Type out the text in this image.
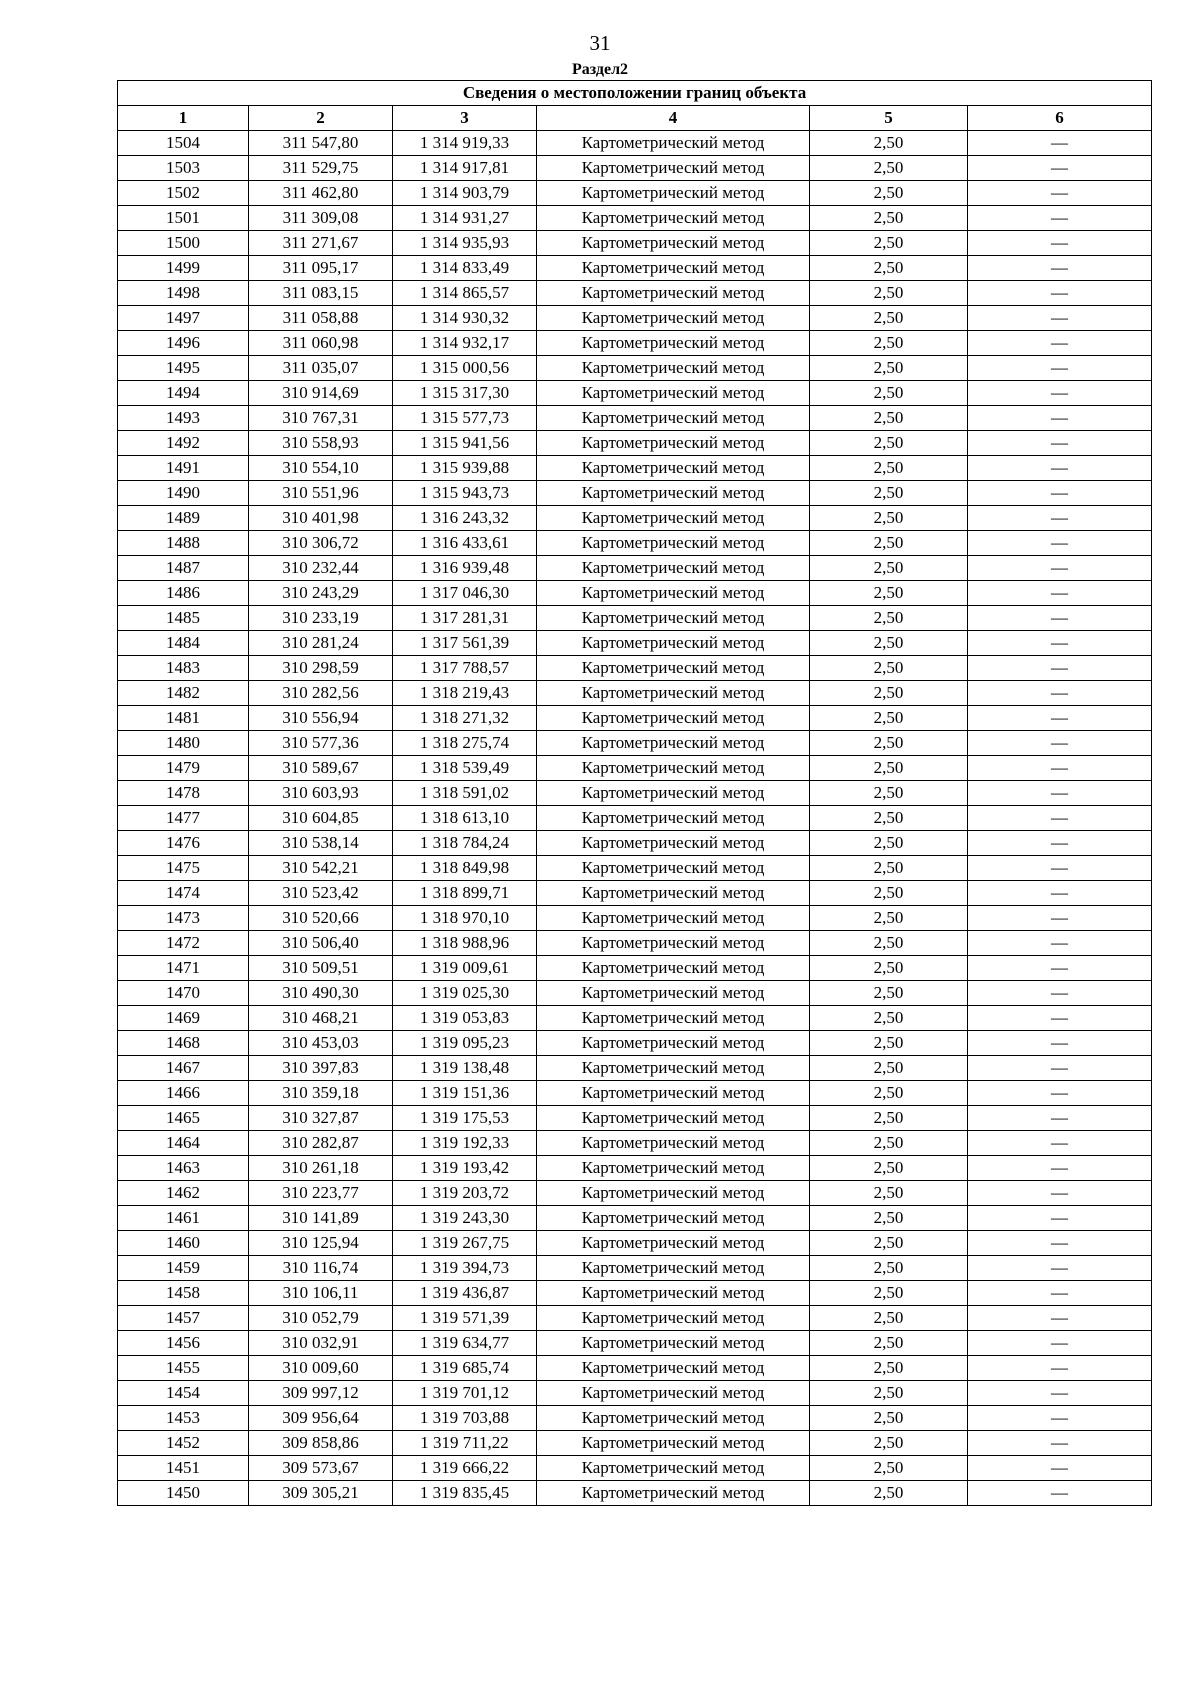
31
Раздел2
Сведения о местоположении границ объекта					
1	2	3	4	5	6
1504	311 547,80	1 314 919,33	Картометрический метод	2,50	—
1503	311 529,75	1 314 917,81	Картометрический метод	2,50	—
1502	311 462,80	1 314 903,79	Картометрический метод	2,50	—
1501	311 309,08	1 314 931,27	Картометрический метод	2,50	—
1500	311 271,67	1 314 935,93	Картометрический метод	2,50	—
1499	311 095,17	1 314 833,49	Картометрический метод	2,50	—
1498	311 083,15	1 314 865,57	Картометрический метод	2,50	—
1497	311 058,88	1 314 930,32	Картометрический метод	2,50	—
1496	311 060,98	1 314 932,17	Картометрический метод	2,50	—
1495	311 035,07	1 315 000,56	Картометрический метод	2,50	—
1494	310 914,69	1 315 317,30	Картометрический метод	2,50	—
1493	310 767,31	1 315 577,73	Картометрический метод	2,50	—
1492	310 558,93	1 315 941,56	Картометрический метод	2,50	—
1491	310 554,10	1 315 939,88	Картометрический метод	2,50	—
1490	310 551,96	1 315 943,73	Картометрический метод	2,50	—
1489	310 401,98	1 316 243,32	Картометрический метод	2,50	—
1488	310 306,72	1 316 433,61	Картометрический метод	2,50	—
1487	310 232,44	1 316 939,48	Картометрический метод	2,50	—
1486	310 243,29	1 317 046,30	Картометрический метод	2,50	—
1485	310 233,19	1 317 281,31	Картометрический метод	2,50	—
1484	310 281,24	1 317 561,39	Картометрический метод	2,50	—
1483	310 298,59	1 317 788,57	Картометрический метод	2,50	—
1482	310 282,56	1 318 219,43	Картометрический метод	2,50	—
1481	310 556,94	1 318 271,32	Картометрический метод	2,50	—
1480	310 577,36	1 318 275,74	Картометрический метод	2,50	—
1479	310 589,67	1 318 539,49	Картометрический метод	2,50	—
1478	310 603,93	1 318 591,02	Картометрический метод	2,50	—
1477	310 604,85	1 318 613,10	Картометрический метод	2,50	—
1476	310 538,14	1 318 784,24	Картометрический метод	2,50	—
1475	310 542,21	1 318 849,98	Картометрический метод	2,50	—
1474	310 523,42	1 318 899,71	Картометрический метод	2,50	—
1473	310 520,66	1 318 970,10	Картометрический метод	2,50	—
1472	310 506,40	1 318 988,96	Картометрический метод	2,50	—
1471	310 509,51	1 319 009,61	Картометрический метод	2,50	—
1470	310 490,30	1 319 025,30	Картометрический метод	2,50	—
1469	310 468,21	1 319 053,83	Картометрический метод	2,50	—
1468	310 453,03	1 319 095,23	Картометрический метод	2,50	—
1467	310 397,83	1 319 138,48	Картометрический метод	2,50	—
1466	310 359,18	1 319 151,36	Картометрический метод	2,50	—
1465	310 327,87	1 319 175,53	Картометрический метод	2,50	—
1464	310 282,87	1 319 192,33	Картометрический метод	2,50	—
1463	310 261,18	1 319 193,42	Картометрический метод	2,50	—
1462	310 223,77	1 319 203,72	Картометрический метод	2,50	—
1461	310 141,89	1 319 243,30	Картометрический метод	2,50	—
1460	310 125,94	1 319 267,75	Картометрический метод	2,50	—
1459	310 116,74	1 319 394,73	Картометрический метод	2,50	—
1458	310 106,11	1 319 436,87	Картометрический метод	2,50	—
1457	310 052,79	1 319 571,39	Картометрический метод	2,50	—
1456	310 032,91	1 319 634,77	Картометрический метод	2,50	—
1455	310 009,60	1 319 685,74	Картометрический метод	2,50	—
1454	309 997,12	1 319 701,12	Картометрический метод	2,50	—
1453	309 956,64	1 319 703,88	Картометрический метод	2,50	—
1452	309 858,86	1 319 711,22	Картометрический метод	2,50	—
1451	309 573,67	1 319 666,22	Картометрический метод	2,50	—
1450	309 305,21	1 319 835,45	Картометрический метод	2,50	—
